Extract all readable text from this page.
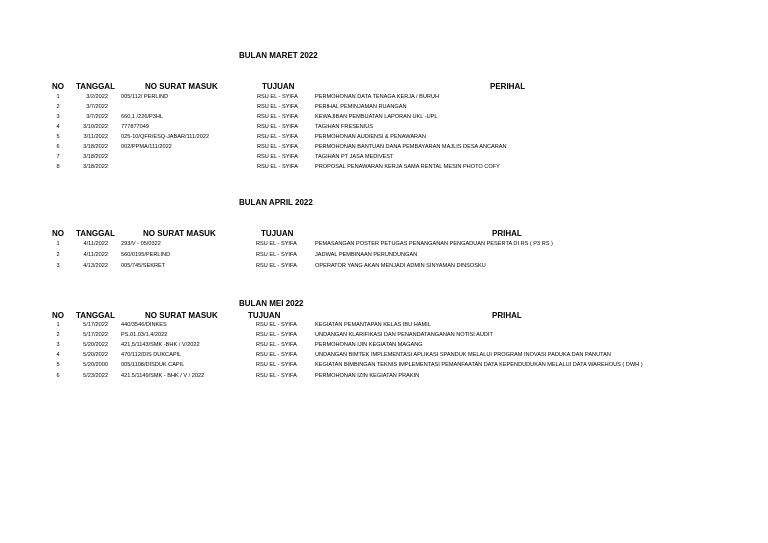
BULAN MARET 2022
NO TANGGAL	NO SURAT MASUK	TUJUAN	PERIHAL
1	3/2/2022 005/112/ PERLIND	RSU EL - SYIFA	PERMOHONAN DATA TENAGA KERJA / BURUH
2	3/7/2022	RSU EL - SYIFA	PERIHAL PEMINJAMAN RUANGAN
3	3/7/2022 660,1 /226/P3HL	RSU EL - SYIFA	KEWAJIBAN PEMBUATAN LAPORAN UKL -UPL
4	3/10/2022 777877049	RSU EL - SYIFA	TAGIHAN FRESENIUS
5	3/11/2022 025-10/QFR/ESQ-JABAR/111/2022	RSU EL - SYIFA	PERMOHONAN AUDIENSI & PENAWARAN
6	3/18/2022 002/PPMA/111/2022	RSU EL - SYIFA	PERMOHONAN BANTUAN DANA PEMBAYARAN MAJLIS DESA ANCARAN
7	3/18/2022	RSU EL - SYIFA	TAGIHAN PT JASA MEDIVEST
8	3/18/2022	RSU EL - SYIFA	PROPOSAL PENAWARAN KERJA SAMA RENTAL MESIN PHOTO COFY
BULAN APRIL 2022
NO TANGGAL	NO SURAT MASUK	TUJUAN	PRIHAL
1	4/11/2022 293/V - 05/0322	RSU EL - SYIFA	PEMASANGAN POSTER PETUGAS PENANGANAN PENGADUAN PESERTA DI RS ( P3 RS )
2	4/11/2022 560/0195/PERLIND	RSU EL - SYIFA	JADWAL PEMBINAAN PERUNDUNGAN
3	4/13/2022 005/745/SEKRET	RSU EL - SYIFA	OPERATOR YANG AKAN MENJADI ADMIN SINYAMAN DINSOSKU
BULAN MEI 2022
NO TANGGAL	NO SURAT MASUK	TUJUAN	PRIHAL
1	5/17/2022 440/3546/DINKES	RSU EL - SYIFA	KEGIATAN PEMANTAPAN KELAS IBU HAMIL
2	5/17/2022 PS.01.03/1.4/2022	RSU EL - SYIFA	UNDANGAN KLARIFIKASI DAN PENANDATANGANAN NOTISI AUDIT
3	5/20/2022 421,5/1143/SMK -BHK / V/2022	RSU EL - SYIFA	PERMOHONAN IJIN KEGIATAN MAGANG
4	5/20/2022 470/112/DIS DUKCAPIL	RSU EL - SYIFA	UNDANGAN BIMTEK IMPLEMENTASI APLIKASI SPANDUK MELALUI PROGRAM INOVASI PADUKA DAN PANUTAN
5	5/20/2000 005/1108/DISDUK CAPIL	RSU EL - SYIFA	KEGIATAN BIMBINGAN TEKNIS IMPLEMENTASI PEMANFAATAN DATA KEPENDUDUKAN MELALUI DATA WAREHOUS ( DWH )
6	5/23/2022 421.5/1149/SMK - BHK / V / 2022	RSU EL - SYIFA	PERMOHONAN IZIN KEGIATAN PRAKIN
